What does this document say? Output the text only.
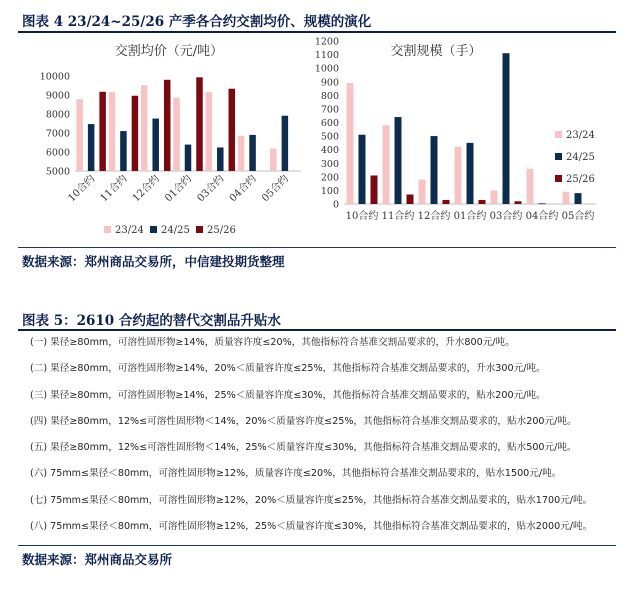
图表 4 23/24~25/26 产季各合约交割均价、规模的演化
交割均价（元/吨）
5000
6000
7000
8000
9000
10000
10合约 11合约 12合约 01合约 03合约 04合约 05合约
23/24 24/25 25/26
交割规模（手）
0
100
200
300
400
500
600
700
800
900
1000
1100
1200
10合约 11合约 12合约 01合约 03合约 04合约 05合约
23/24
24/25
25/26
数据来源：郑州商品交易所，中信建投期货整理
图表 5：2610 合约起的替代交割品升贴水
(一) 果径≥80mm，可溶性固形物≥14%，质量容许度≤20%，其他指标符合基准交割品要求的，升水800元/吨。
(二) 果径≥80mm，可溶性固形物≥14%，20%＜质量容许度≤25%，其他指标符合基准交割品要求的，升水300元/吨。
(三) 果径≥80mm，可溶性固形物≥14%，25%＜质量容许度≤30%，其他指标符合基准交割品要求的，贴水200元/吨。
(四) 果径≥80mm，12%≤可溶性固形物＜14%，20%＜质量容许度≤25%，其他指标符合基准交割品要求的，贴水200元/吨。
(五) 果径≥80mm，12%≤可溶性固形物＜14%，25%＜质量容许度≤30%，其他指标符合基准交割品要求的，贴水500元/吨。
(六) 75mm≤果径＜80mm，可溶性固形物≥12%，质量容许度≤20%，其他指标符合基准交割品要求的，贴水1500元/吨。
(七) 75mm≤果径＜80mm，可溶性固形物≥12%，20%＜质量容许度≤25%，其他指标符合基准交割品要求的，贴水1700元/吨。
(八) 75mm≤果径＜80mm，可溶性固形物≥12%，25%＜质量容许度≤30%，其他指标符合基准交割品要求的，贴水2000元/吨。
数据来源：郑州商品交易所
